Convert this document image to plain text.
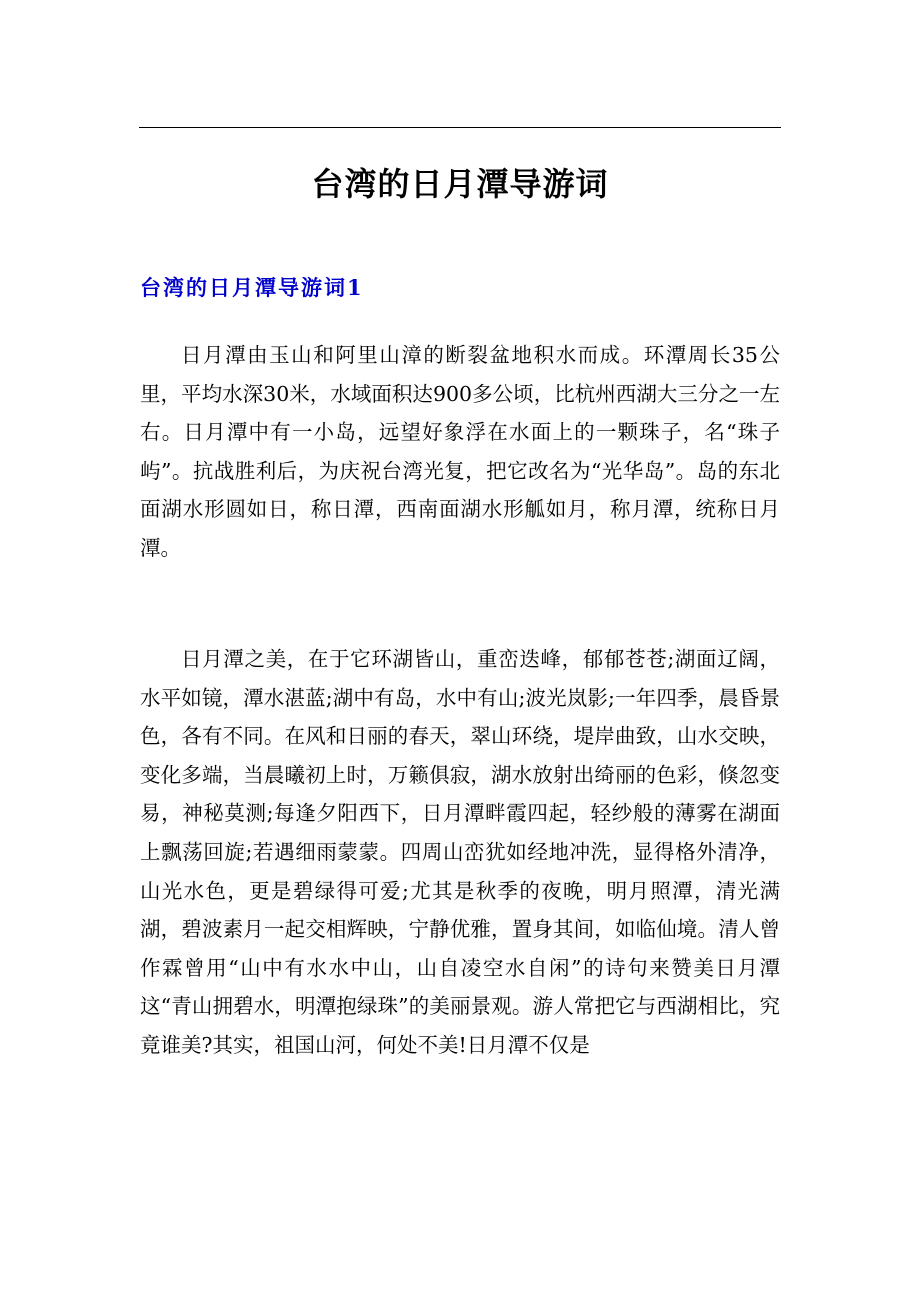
台湾的日月潭导游词
台湾的日月潭导游词1

日月潭由玉山和阿里山漳的断裂盆地积水而成。环潭周长35公里，平均水深30米，水域面积达900多公顷，比杭州西湖大三分之一左右。日月潭中有一小岛，远望好象浮在水面上的一颗珠子，名“珠子屿”。抗战胜利后，为庆祝台湾光复，把它改名为“光华岛”。岛的东北面湖水形圆如日，称日潭，西南面湖水形觚如月，称月潭，统称日月潭。

日月潭之美，在于它环湖皆山，重峦迭峰，郁郁苍苍;湖面辽阔，水平如镜，潭水湛蓝;湖中有岛，水中有山;波光岚影;一年四季，晨昏景色，各有不同。在风和日丽的春天，翠山环绕，堤岸曲致，山水交映，变化多端，当晨曦初上时，万籁俱寂，湖水放射出绮丽的色彩，倏忽变易，神秘莫测;每逢夕阳西下，日月潭畔霞四起，轻纱般的薄雾在湖面上飘荡回旋;若遇细雨蒙蒙。四周山峦犹如经地冲洗，显得格外清净，山光水色，更是碧绿得可爱;尤其是秋季的夜晚，明月照潭，清光满湖，碧波素月一起交相辉映，宁静优雅，置身其间，如临仙境。清人曾作霖曾用“山中有水水中山，山自凌空水自闲”的诗句来赞美日月潭这“青山拥碧水，明潭抱绿珠”的美丽景观。游人常把它与西湖相比，究竟谁美?其实，祖国山河，何处不美!日月潭不仅是
